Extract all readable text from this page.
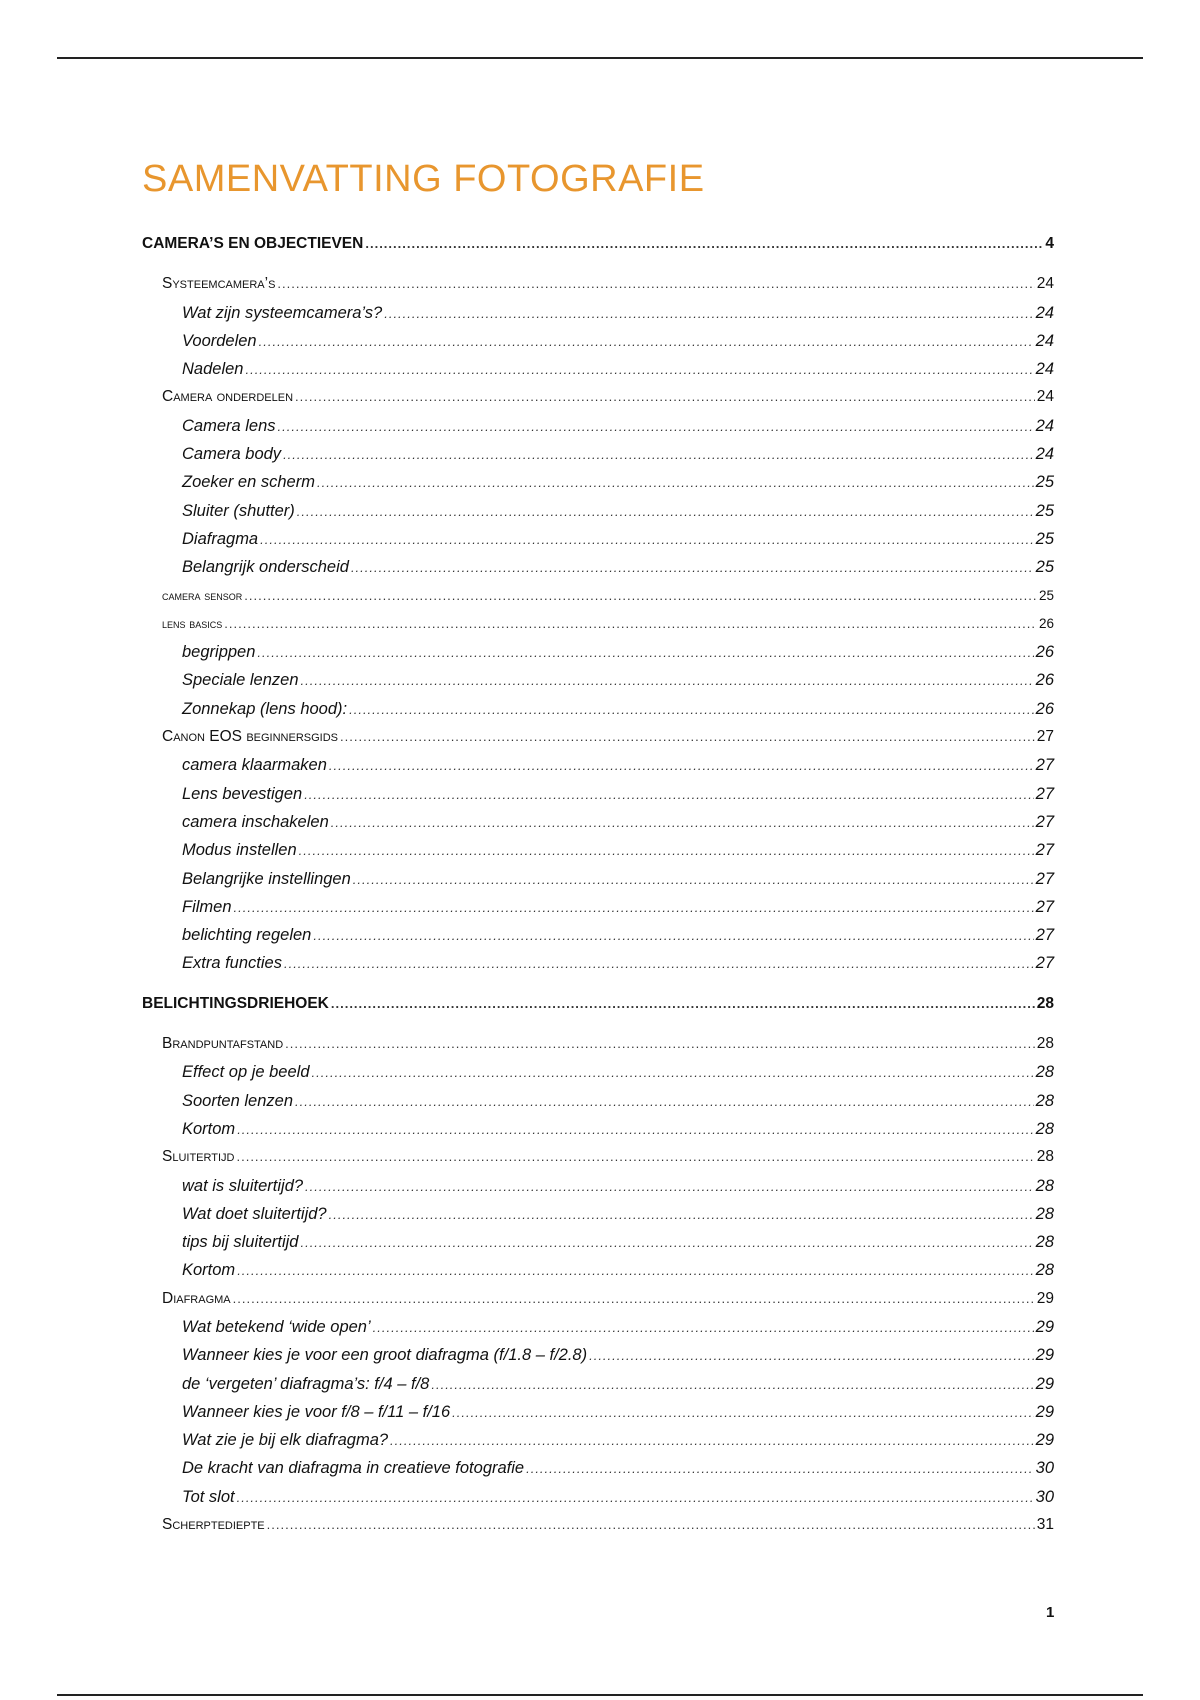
SAMENVATTING FOTOGRAFIE
CAMERA’S EN OBJECTIEVEN .....	4
Systeemcamera’s .....	24
Wat zijn systeemcamera’s? .....	24
Voordelen .....	24
Nadelen .....	24
Camera onderdelen .....	24
Camera lens .....	24
Camera body .....	24
Zoeker en scherm .....	25
Sluiter (shutter) .....	25
Diafragma .....	25
Belangrijk onderscheid .....	25
camera sensor .....	25
lens basics .....	26
begrippen .....	26
Speciale lenzen .....	26
Zonnekap (lens hood): .....	26
Canon EOS beginnersgids .....	27
camera klaarmaken .....	27
Lens bevestigen .....	27
camera inschakelen .....	27
Modus instellen .....	27
Belangrijke instellingen .....	27
Filmen .....	27
belichting regelen .....	27
Extra functies .....	27
BELICHTINGSDRIEHOEK .....	28
Brandpuntafstand .....	28
Effect op je beeld .....	28
Soorten lenzen .....	28
Kortom .....	28
Sluitertijd .....	28
wat is sluitertijd? .....	28
Wat doet sluitertijd? .....	28
tips bij sluitertijd .....	28
Kortom .....	28
Diafragma .....	29
Wat betekend ‘wide open’ .....	29
Wanneer kies je voor een groot diafragma (f/1.8 – f/2.8) .....	29
de ‘vergeten’ diafragma’s: f/4 – f/8 .....	29
Wanneer kies je voor f/8 – f/11 – f/16 .....	29
Wat zie je bij elk diafragma? .....	29
De kracht van diafragma in creatieve fotografie .....	30
Tot slot .....	30
Scherptediepte .....	31
1
